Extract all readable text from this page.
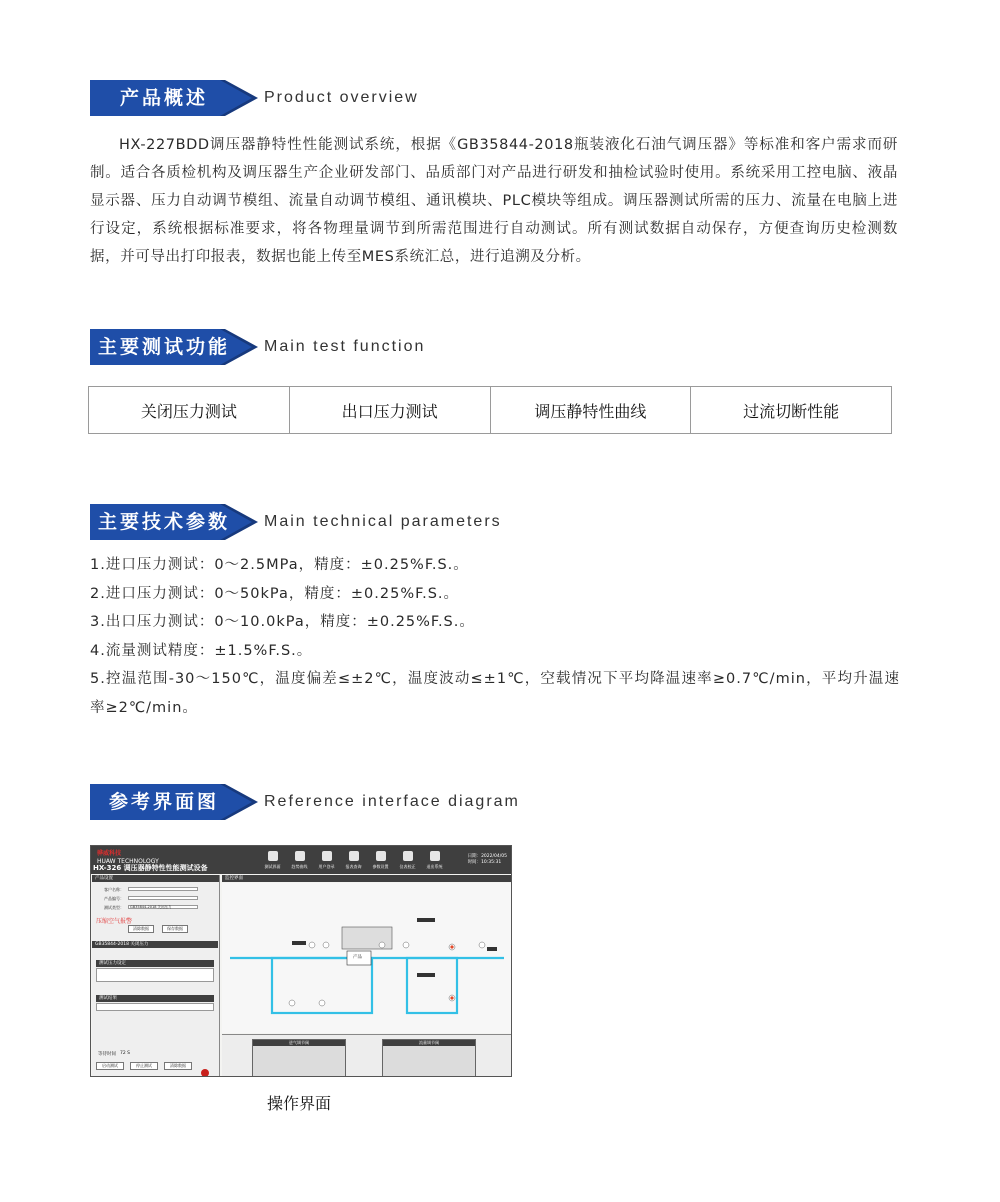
产品概述	Product overview

HX-227BDD调压器静特性性能测试系统，根据《GB35844-2018瓶装液化石油气调压器》等标准和客户需求而研制。适合各质检机构及调压器生产企业研发部门、品质部门对产品进行研发和抽检试验时使用。系统采用工控电脑、液晶显示器、压力自动调节模组、流量自动调节模组、通讯模块、PLC模块等组成。调压器测试所需的压力、流量在电脑上进行设定，系统根据标准要求，将各物理量调节到所需范围进行自动测试。所有测试数据自动保存，方便查询历史检测数据，并可导出打印报表，数据也能上传至MES系统汇总，进行追溯及分析。

主要测试功能	Main test function
关闭压力测试	出口压力测试	调压静特性曲线	过流切断性能
主要技术参数	Main technical parameters
1.进口压力测试：0～2.5MPa，精度：±0.25%F.S.。
2.进口压力测试：0～50kPa，精度：±0.25%F.S.。
3.出口压力测试：0～10.0kPa，精度：±0.25%F.S.。
4.流量测试精度：±1.5%F.S.。
5.控温范围-30～150℃，温度偏差≤±2℃，温度波动≤±1℃，空载情况下平均降温速率≥0.7℃/min，平均升温速率≥2℃/min。
参考界面图	Reference interface diagram
骅威科技
HUAW TECHNOLOGY
HX-326 调压器静特性性能测试设备	测试界面	趋势曲线	用户登录	报表查询	参数设置	仪表校正	退出系统
日期：2022/04/05
时间：10:35:31
产品设置
客户名称：
产品编号：
测试类型：	GB35844-2018 关闭压力
压缩空气报警
清除数据	保存数据
GB35844-2018 关闭压力
测试压力设定
测试结果
等待时间 72 S
启动测试	停止测试	清除数据
监控界面
产品
进气调节阀	流量调节阀
操作界面
